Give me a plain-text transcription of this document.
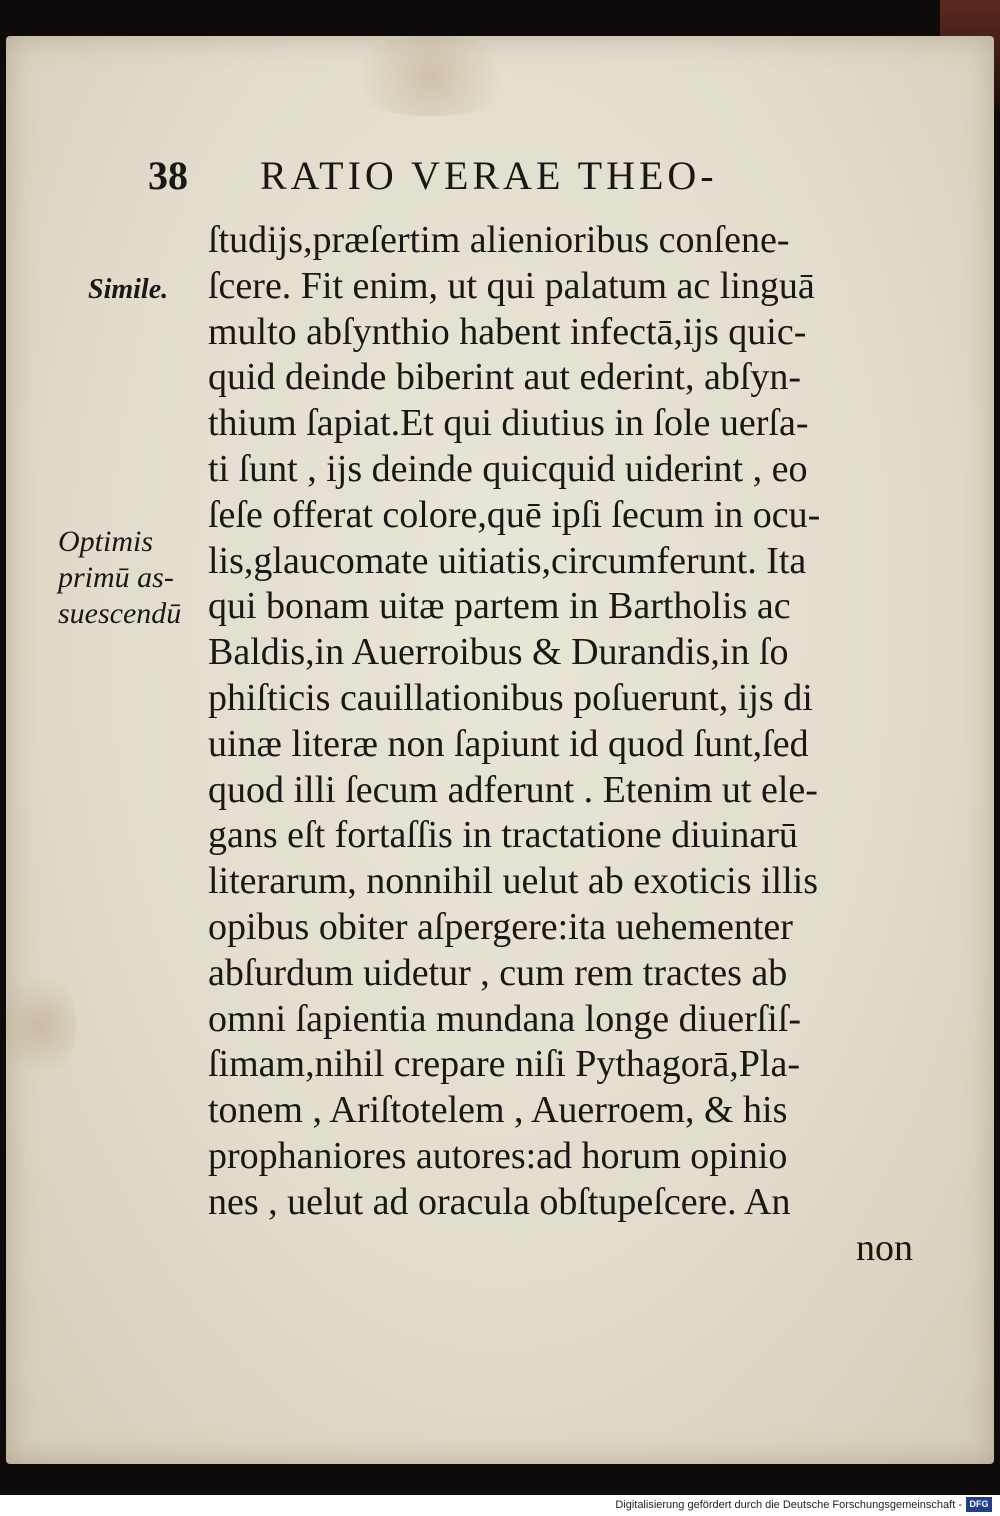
38 RATIO VERAE THEO-
Simile.
Optimis
primū as-
suescendū
ſtudijs,præſertim alienioribus conſene-
ſcere. Fit enim, ut qui palatum ac linguā
multo abſynthio habent infectā,ijs quic-
quid deinde biberint aut ederint, abſyn-
thium ſapiat.Et qui diutius in ſole uerſa-
ti ſunt , ijs deinde quicquid uiderint , eo
ſeſe offerat colore,quē ipſi ſecum in ocu-
lis,glaucomate uitiatis,circumferunt. Ita
qui bonam uitæ partem in Bartholis ac
Baldis,in Auerroibus & Durandis,in ſo
phiſticis cauillationibus poſuerunt, ijs di
uinæ literæ non ſapiunt id quod ſunt,ſed
quod illi ſecum adferunt . Etenim ut ele-
gans eſt fortaſſis in tractatione diuinarū
literarum, nonnihil uelut ab exoticis illis
opibus obiter aſpergere:ita uehementer
abſurdum uidetur , cum rem tractes ab
omni ſapientia mundana longe diuerſiſ-
ſimam,nihil crepare niſi Pythagorā,Pla-
tonem , Ariſtotelem , Auerroem, & his
prophaniores autores:ad horum opinio
nes , uelut ad oracula obſtupeſcere. An
non
Digitalisierung gefördert durch die Deutsche Forschungsgemeinschaft - DFG
